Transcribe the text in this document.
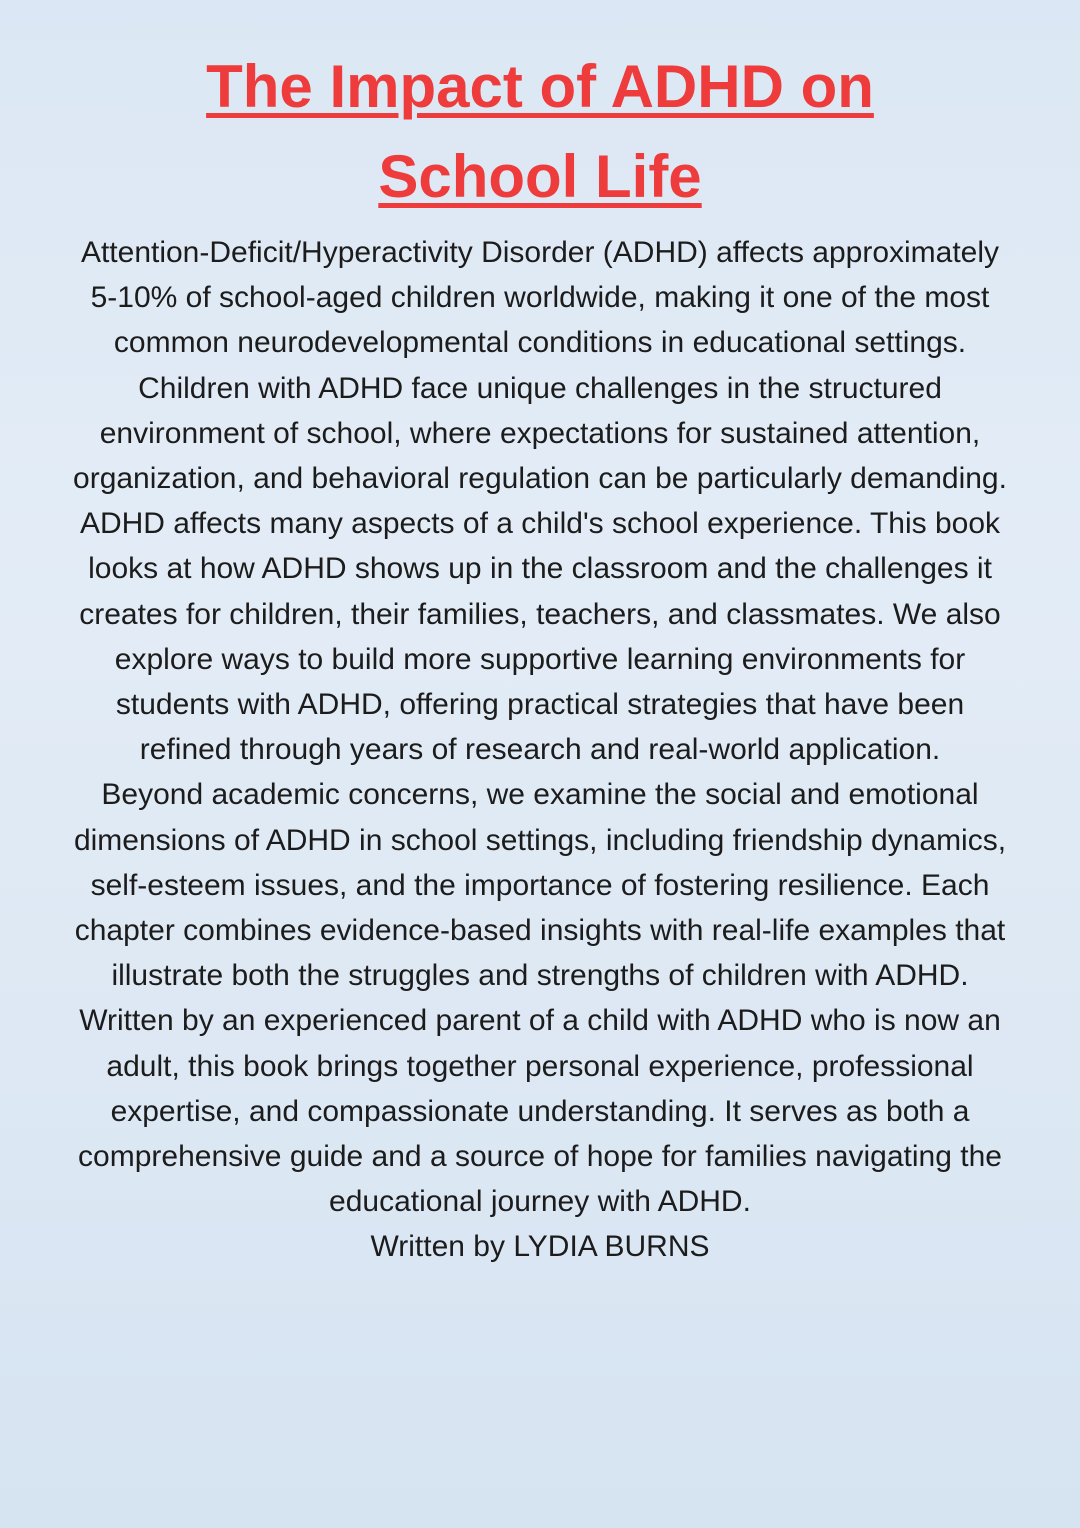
The Impact of ADHD on
School Life

Attention-Deficit/Hyperactivity Disorder (ADHD) affects approximately 5-10% of school-aged children worldwide, making it one of the most common neurodevelopmental conditions in educational settings. Children with ADHD face unique challenges in the structured environment of school, where expectations for sustained attention, organization, and behavioral regulation can be particularly demanding.

ADHD affects many aspects of a child's school experience. This book looks at how ADHD shows up in the classroom and the challenges it creates for children, their families, teachers, and classmates. We also explore ways to build more supportive learning environments for students with ADHD, offering practical strategies that have been refined through years of research and real-world application.

Beyond academic concerns, we examine the social and emotional dimensions of ADHD in school settings, including friendship dynamics, self-esteem issues, and the importance of fostering resilience. Each chapter combines evidence-based insights with real-life examples that illustrate both the struggles and strengths of children with ADHD.

Written by an experienced parent of a child with ADHD who is now an adult, this book brings together personal experience, professional expertise, and compassionate understanding. It serves as both a comprehensive guide and a source of hope for families navigating the educational journey with ADHD.

Written by LYDIA BURNS
